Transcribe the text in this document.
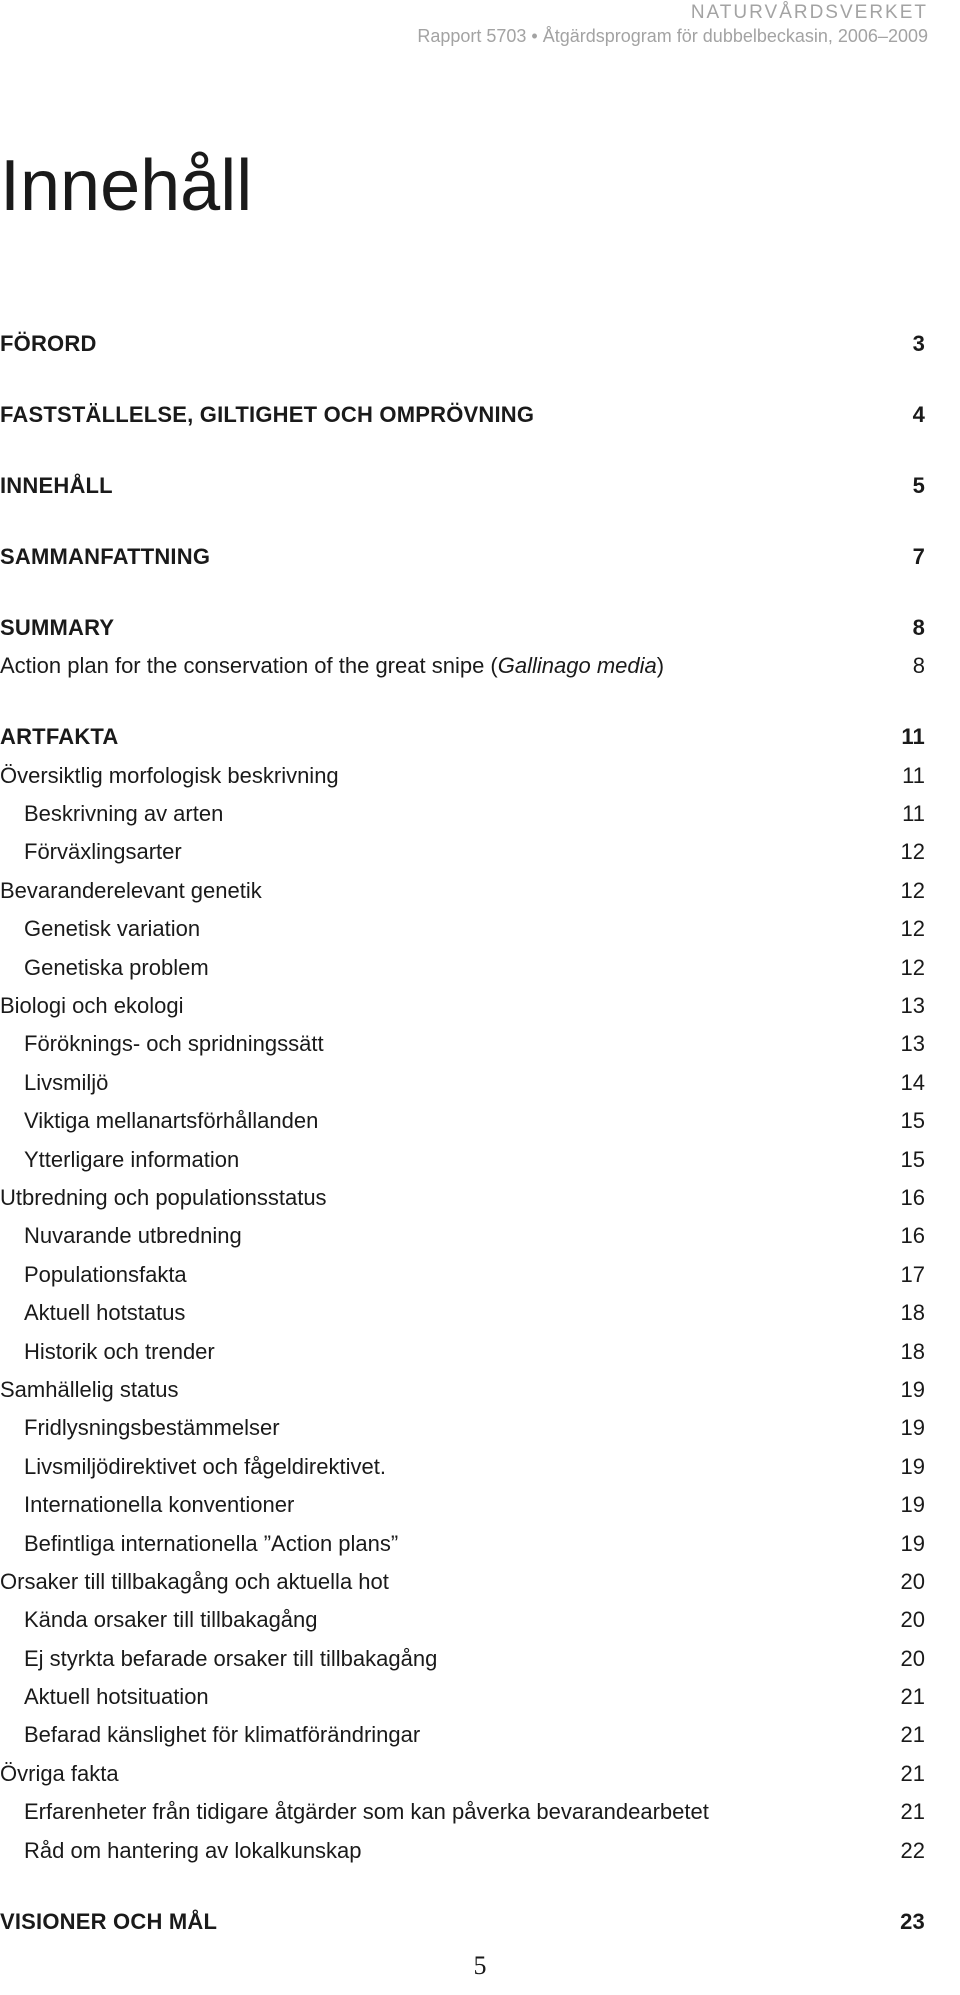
NATURVÅRDSVERKET
Rapport 5703 • Åtgärdsprogram för dubbelbeckasin, 2006–2009
Innehåll
FÖRORD	3
FASTSTÄLLELSE, GILTIGHET OCH OMPRÖVNING	4
INNEHÅLL	5
SAMMANFATTNING	7
SUMMARY	8
Action plan for the conservation of the great snipe (Gallinago media)	8
ARTFAKTA	11
Översiktlig morfologisk beskrivning	11
Beskrivning av arten	11
Förväxlingsarter	12
Bevaranderelevant genetik	12
Genetisk variation	12
Genetiska problem	12
Biologi och ekologi	13
Föröknings- och spridningssätt	13
Livsmiljö	14
Viktiga mellanartsförhållanden	15
Ytterligare information	15
Utbredning och populationsstatus	16
Nuvarande utbredning	16
Populationsfakta	17
Aktuell hotstatus	18
Historik och trender	18
Samhällelig status	19
Fridlysningsbestämmelser	19
Livsmiljödirektivet och fågeldirektivet.	19
Internationella konventioner	19
Befintliga internationella ”Action plans”	19
Orsaker till tillbakagång och aktuella hot	20
Kända orsaker till tillbakagång	20
Ej styrkta befarade orsaker till tillbakagång	20
Aktuell hotsituation	21
Befarad känslighet för klimatförändringar	21
Övriga fakta	21
Erfarenheter från tidigare åtgärder som kan påverka bevarandearbetet	21
Råd om hantering av lokalkunskap	22
VISIONER OCH MÅL	23
5
